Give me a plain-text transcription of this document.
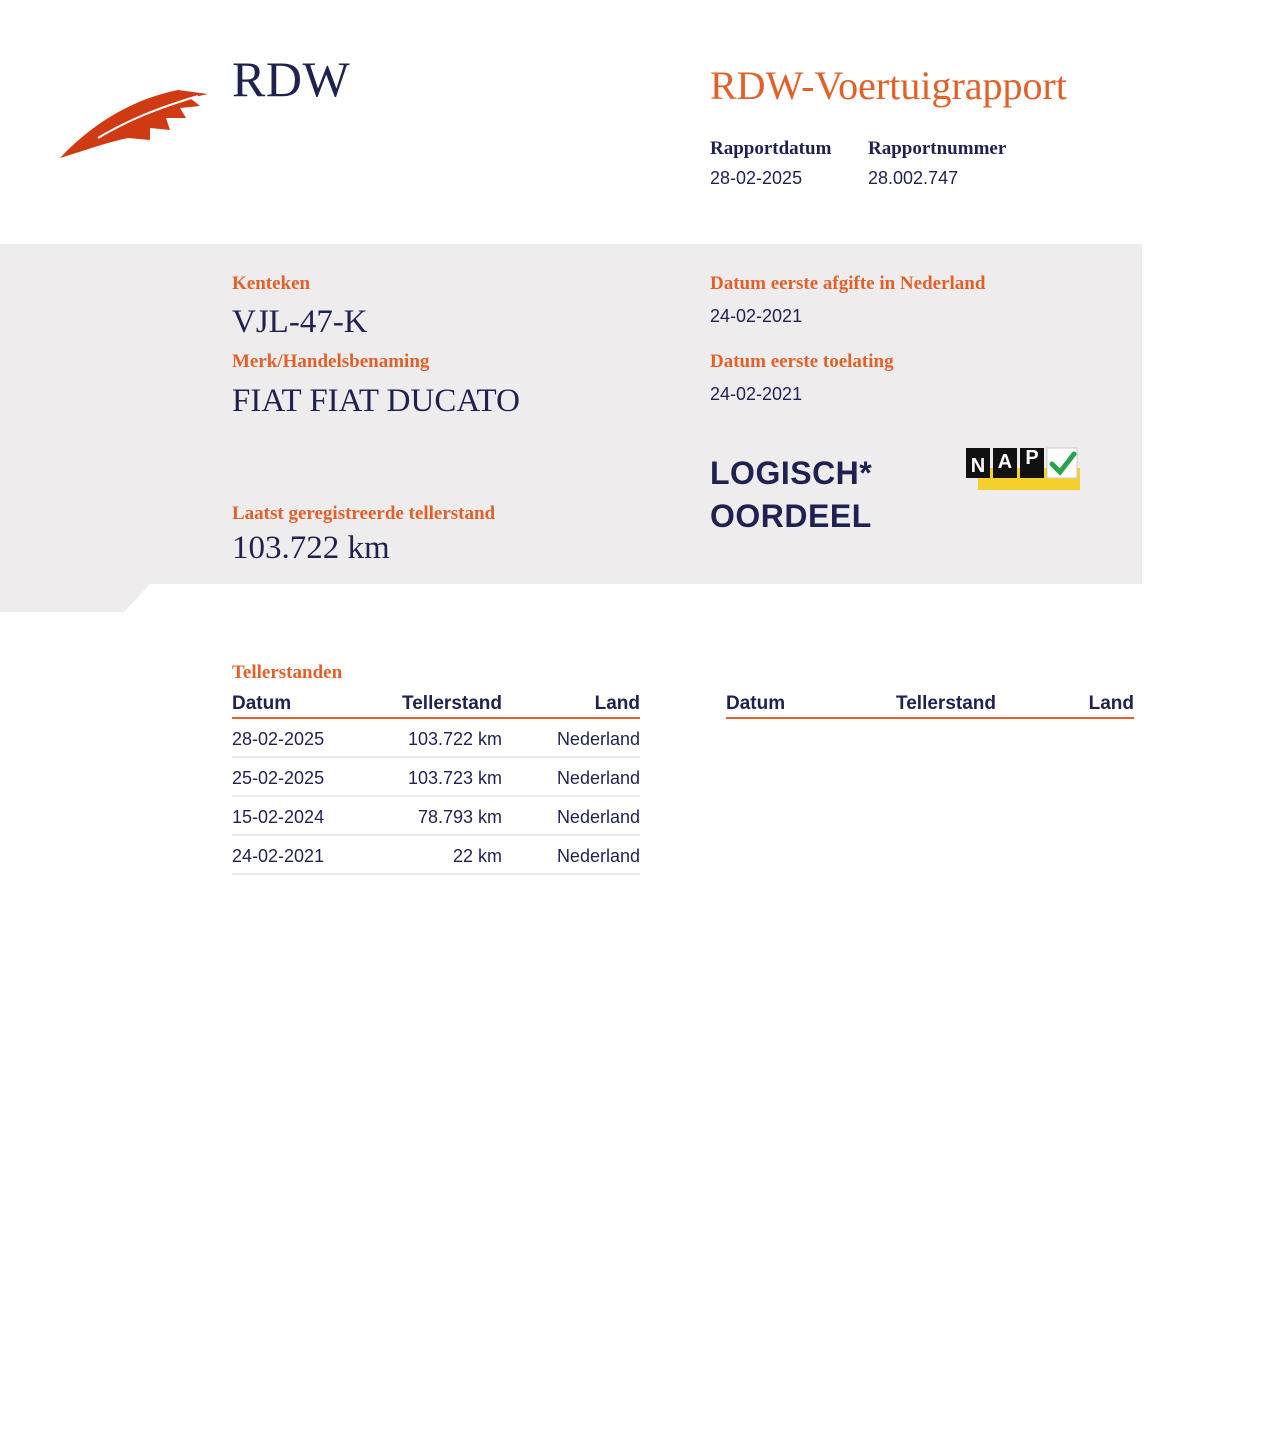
RDW	RDW-Voertuigrapport
Rapportdatum
28-02-2025
Rapportnummer
28.002.747
Kenteken
VJL-47-K
Merk/Handelsbenaming
FIAT FIAT DUCATO
Laatst geregistreerde tellerstand
103.722 km
Datum eerste afgifte in Nederland
24-02-2021
Datum eerste toelating
24-02-2021
LOGISCH*
OORDEEL
N A P
Tellerstanden
Datum	Tellerstand	Land
28-02-2025	103.722 km	Nederland
25-02-2025	103.723 km	Nederland
15-02-2024	78.793 km	Nederland
24-02-2021	22 km	Nederland
Datum	Tellerstand	Land
